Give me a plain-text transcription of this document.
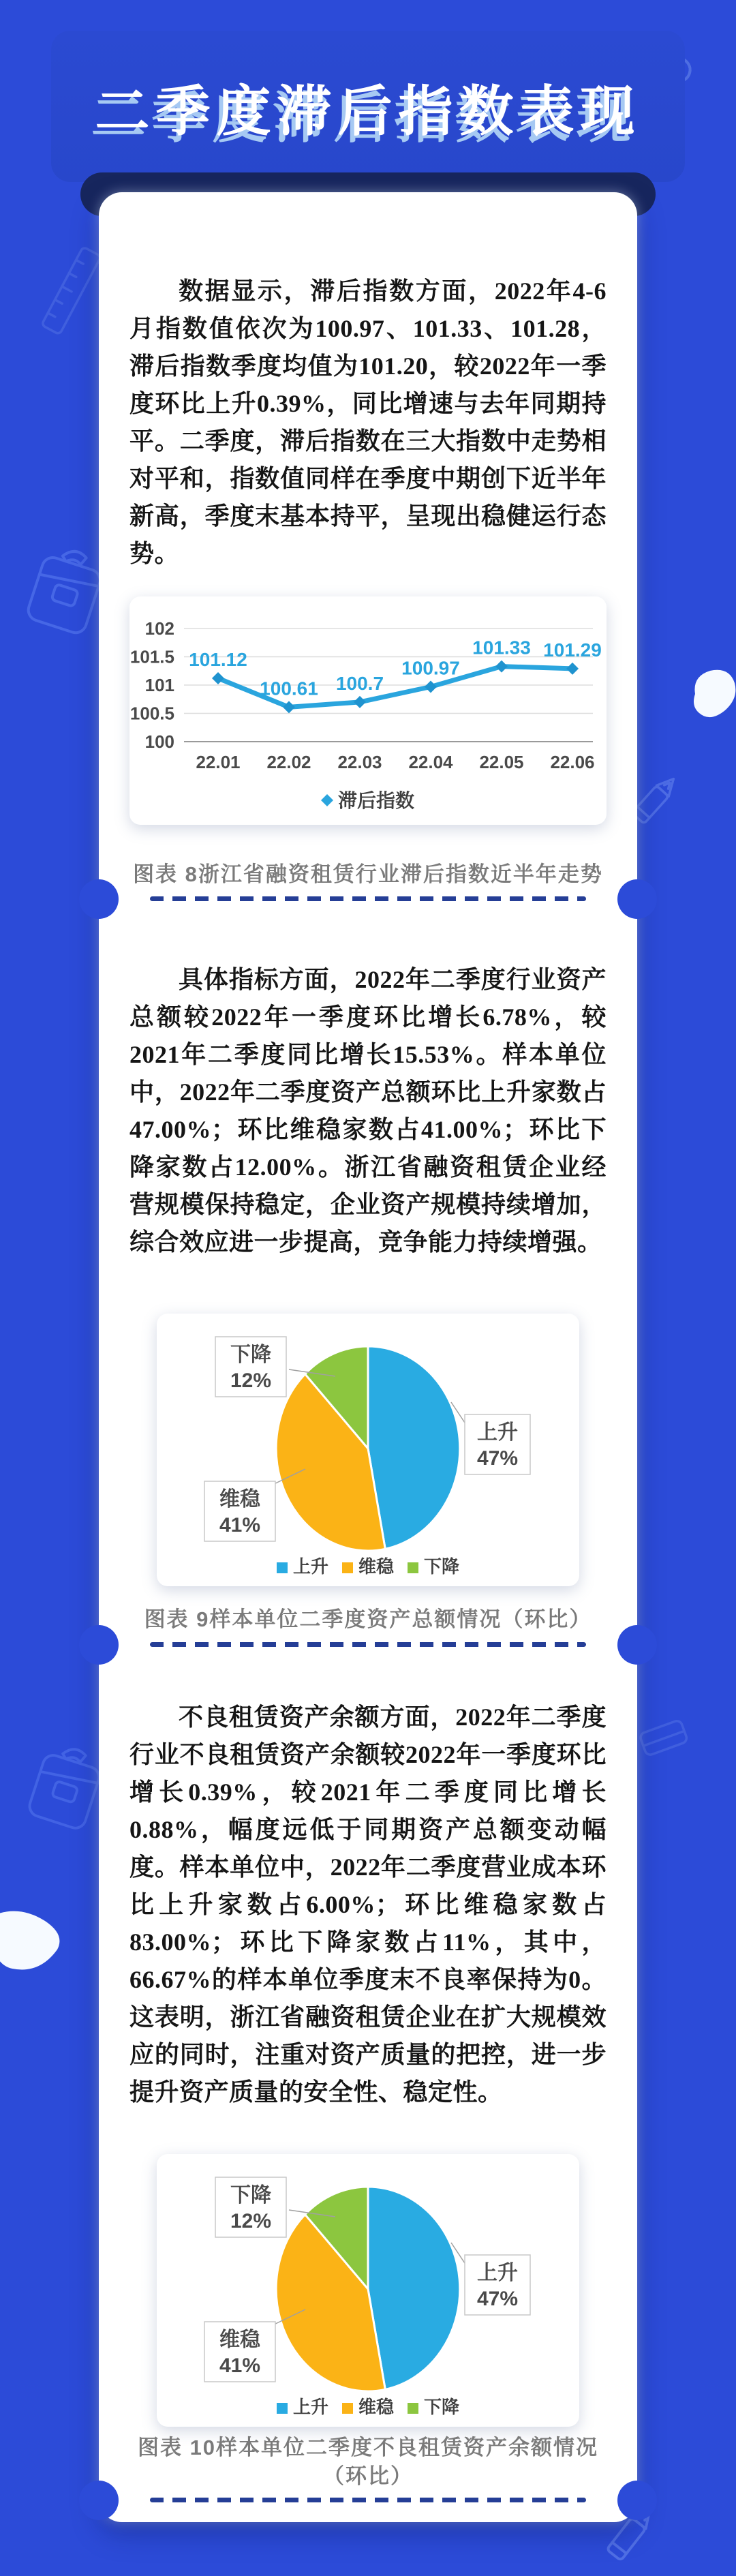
二季度滞后指数表现

数据显示，滞后指数方面，2022年4-6月指数值依次为100.97、101.33、101.28，滞后指数季度均值为101.20，较2022年一季度环比上升0.39%，同比增速与去年同期持平。二季度，滞后指数在三大指数中走势相对平和，指数值同样在季度中期创下近半年新高，季度末基本持平，呈现出稳健运行态势。

102
101.5
101
100.5
100
22.01 22.02 22.03 22.04 22.05 22.06
101.12
100.61 100.7
100.97
101.33 101.29
滞后指数
图表 8浙江省融资租赁行业滞后指数近半年走势

具体指标方面，2022年二季度行业资产总额较2022年一季度环比增长6.78%，较2021年二季度同比增长15.53%。样本单位中，2022年二季度资产总额环比上升家数占47.00%；环比维稳家数占41.00%；环比下降家数占12.00%。浙江省融资租赁企业经营规模保持稳定，企业资产规模持续增加，综合效应进一步提高，竞争能力持续增强。

上升
47%
维稳
41%
下降
12%
上升 维稳 下降
图表 9样本单位二季度资产总额情况（环比）

不良租赁资产余额方面，2022年二季度行业不良租赁资产余额较2022年一季度环比增长0.39%，较2021年二季度同比增长0.88%，幅度远低于同期资产总额变动幅度。样本单位中，2022年二季度营业成本环比上升家数占6.00%；环比维稳家数占83.00%；环比下降家数占11%，其中，66.67%的样本单位季度末不良率保持为0。这表明，浙江省融资租赁企业在扩大规模效应的同时，注重对资产质量的把控，进一步提升资产质量的安全性、稳定性。

上升
47%
维稳
41%
下降
12%
上升 维稳 下降
图表 10样本单位二季度不良租赁资产余额情况（环比）
